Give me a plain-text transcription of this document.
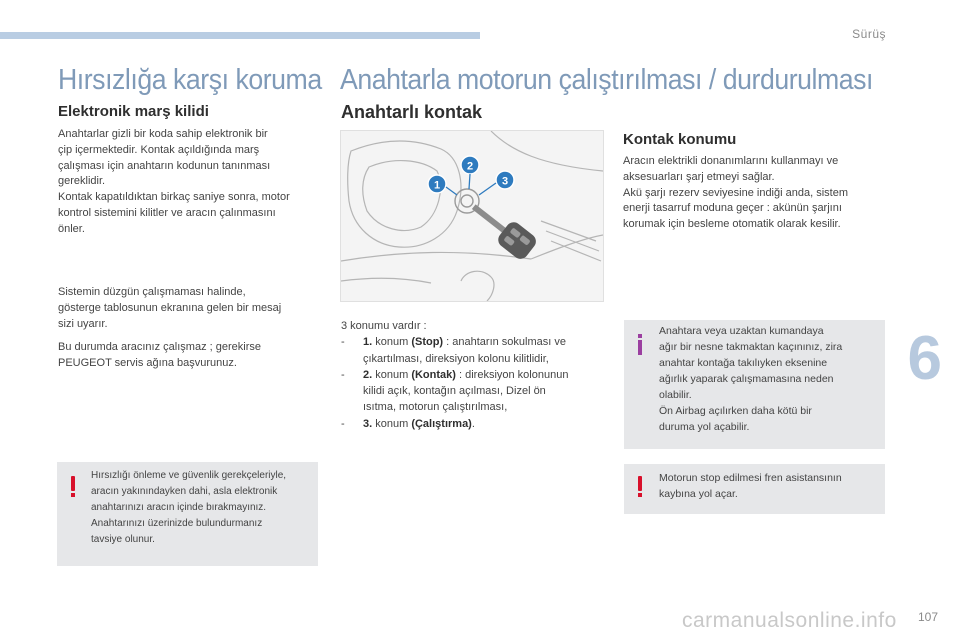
Sürüş
6
107
Hırsızlığa karşı koruma
Elektronik marş kilidi

Anahtarlar gizli bir koda sahip elektronik bir

çip içermektedir. Kontak açıldığında marş

çalışması için anahtarın kodunun tanınması

gereklidir.

Kontak kapatıldıktan birkaç saniye sonra, motor

kontrol sistemini kilitler ve aracın çalınmasını

önler.

Sistemin düzgün çalışmaması halinde,

gösterge tablosunun ekranına gelen bir mesaj

sizi uyarır.

Bu durumda aracınız çalışmaz ; gerekirse

PEUGEOT servis ağına başvurunuz.

Hırsızlığı önleme ve güvenlik gerekçeleriyle,
aracın yakınındayken dahi, asla elektronik
anahtarınızı aracın içinde bırakmayınız.
Anahtarınızı üzerinizde bulundurmanız
tavsiye olunur.
Anahtarla motorun çalıştırılması / durdurulması
Anahtarlı kontak
1
2
3
3 konumu vardır :
-	1. konum (Stop) : anahtarın sokulması ve
çıkartılması, direksiyon kolonu kilitlidir,
-	2. konum (Kontak) : direksiyon kolonunun
kilidi açık, kontağın açılması, Dizel ön
ısıtma, motorun çalıştırılması,
-	3. konum (Çalıştırma).
Kontak konumu

Aracın elektrikli donanımlarını kullanmayı ve

aksesuarları şarj etmeyi sağlar.

Akü şarjı rezerv seviyesine indiği anda, sistem

enerji tasarruf moduna geçer : akünün şarjını

korumak için besleme otomatik olarak kesilir.

Anahtara veya uzaktan kumandaya
ağır bir nesne takmaktan kaçınınız, zira
anahtar kontağa takılıyken eksenine
ağırlık yaparak çalışmamasına neden
olabilir.
Ön Airbag açılırken daha kötü bir
duruma yol açabilir.
Motorun stop edilmesi fren asistansının
kaybına yol açar.
carmanualsonline.info
